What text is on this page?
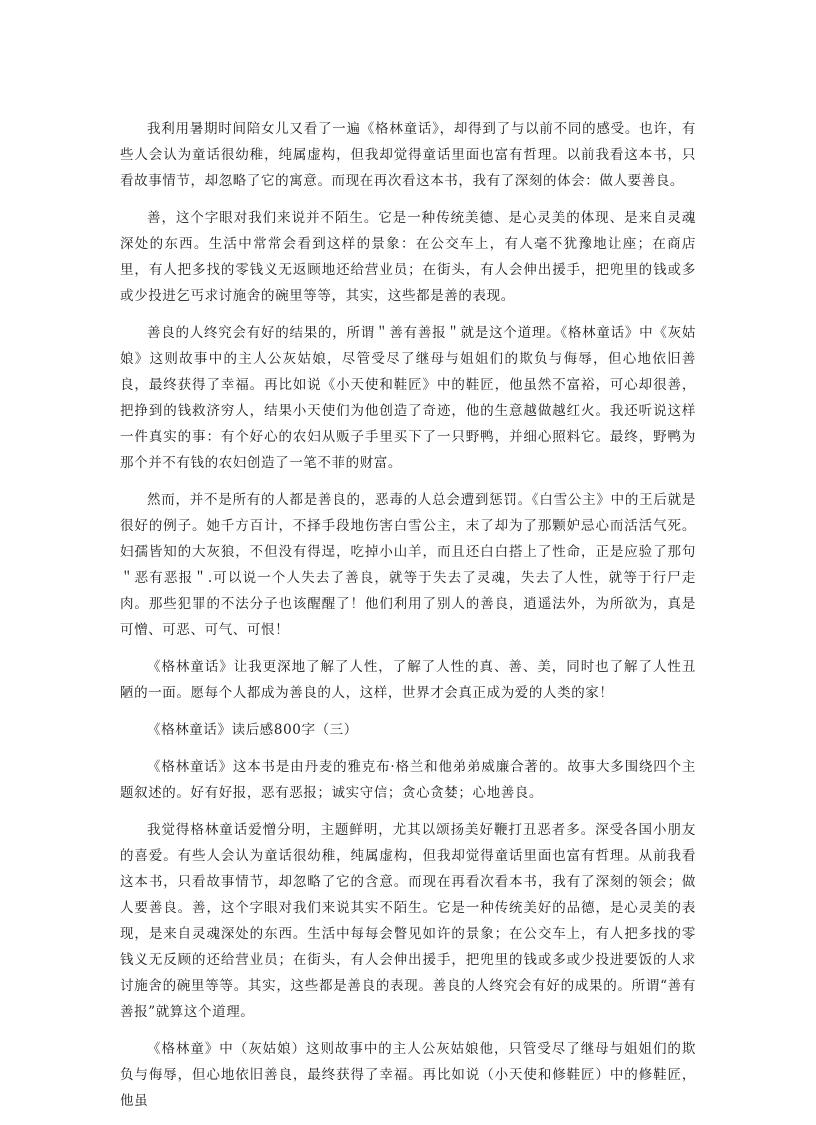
我利用暑期时间陪女儿又看了一遍《格林童话》，却得到了与以前不同的感受。也许，有些人会认为童话很幼稚，纯属虚构，但我却觉得童话里面也富有哲理。以前我看这本书，只看故事情节，却忽略了它的寓意。而现在再次看这本书，我有了深刻的体会：做人要善良。

善，这个字眼对我们来说并不陌生。它是一种传统美德、是心灵美的体现、是来自灵魂深处的东西。生活中常常会看到这样的景象：在公交车上，有人毫不犹豫地让座；在商店里，有人把多找的零钱义无返顾地还给营业员；在街头，有人会伸出援手，把兜里的钱或多或少投进乞丐求讨施舍的碗里等等，其实，这些都是善的表现。

善良的人终究会有好的结果的，所谓＂善有善报＂就是这个道理。《格林童话》中《灰姑娘》这则故事中的主人公灰姑娘，尽管受尽了继母与姐姐们的欺负与侮辱，但心地依旧善良，最终获得了幸福。再比如说《小天使和鞋匠》中的鞋匠，他虽然不富裕，可心却很善，把挣到的钱救济穷人，结果小天使们为他创造了奇迹，他的生意越做越红火。我还听说这样一件真实的事：有个好心的农妇从贩子手里买下了一只野鸭，并细心照料它。最终，野鸭为那个并不有钱的农妇创造了一笔不菲的财富。

然而，并不是所有的人都是善良的，恶毒的人总会遭到惩罚。《白雪公主》中的王后就是很好的例子。她千方百计，不择手段地伤害白雪公主，末了却为了那颗妒忌心而活活气死。妇孺皆知的大灰狼，不但没有得逞，吃掉小山羊，而且还白白搭上了性命，正是应验了那句＂恶有恶报＂.可以说一个人失去了善良，就等于失去了灵魂，失去了人性，就等于行尸走肉。那些犯罪的不法分子也该醒醒了！他们利用了别人的善良，逍遥法外，为所欲为，真是可憎、可恶、可气、可恨！

《格林童话》让我更深地了解了人性，了解了人性的真、善、美，同时也了解了人性丑陋的一面。愿每个人都成为善良的人，这样，世界才会真正成为爱的人类的家！

《格林童话》读后感800字（三）

《格林童话》这本书是由丹麦的雅克布·格兰和他弟弟威廉合著的。故事大多围绕四个主题叙述的。好有好报，恶有恶报；诚实守信；贪心贪婪；心地善良。

我觉得格林童话爱憎分明，主题鲜明，尤其以颂扬美好鞭打丑恶者多。深受各国小朋友的喜爱。有些人会认为童话很幼稚，纯属虚构，但我却觉得童话里面也富有哲理。从前我看这本书，只看故事情节，却忽略了它的含意。而现在再看次看本书，我有了深刻的领会；做人要善良。善，这个字眼对我们来说其实不陌生。它是一种传统美好的品德，是心灵美的表现，是来自灵魂深处的东西。生活中每每会瞥见如许的景象；在公交车上，有人把多找的零钱义无反顾的还给营业员；在街头，有人会伸出援手，把兜里的钱或多或少投进要饭的人求讨施舍的碗里等等。其实，这些都是善良的表现。善良的人终究会有好的成果的。所谓“善有善报”就算这个道理。

《格林童》中（灰姑娘）这则故事中的主人公灰姑娘他，只管受尽了继母与姐姐们的欺负与侮辱，但心地依旧善良，最终获得了幸福。再比如说（小天使和修鞋匠）中的修鞋匠，他虽
